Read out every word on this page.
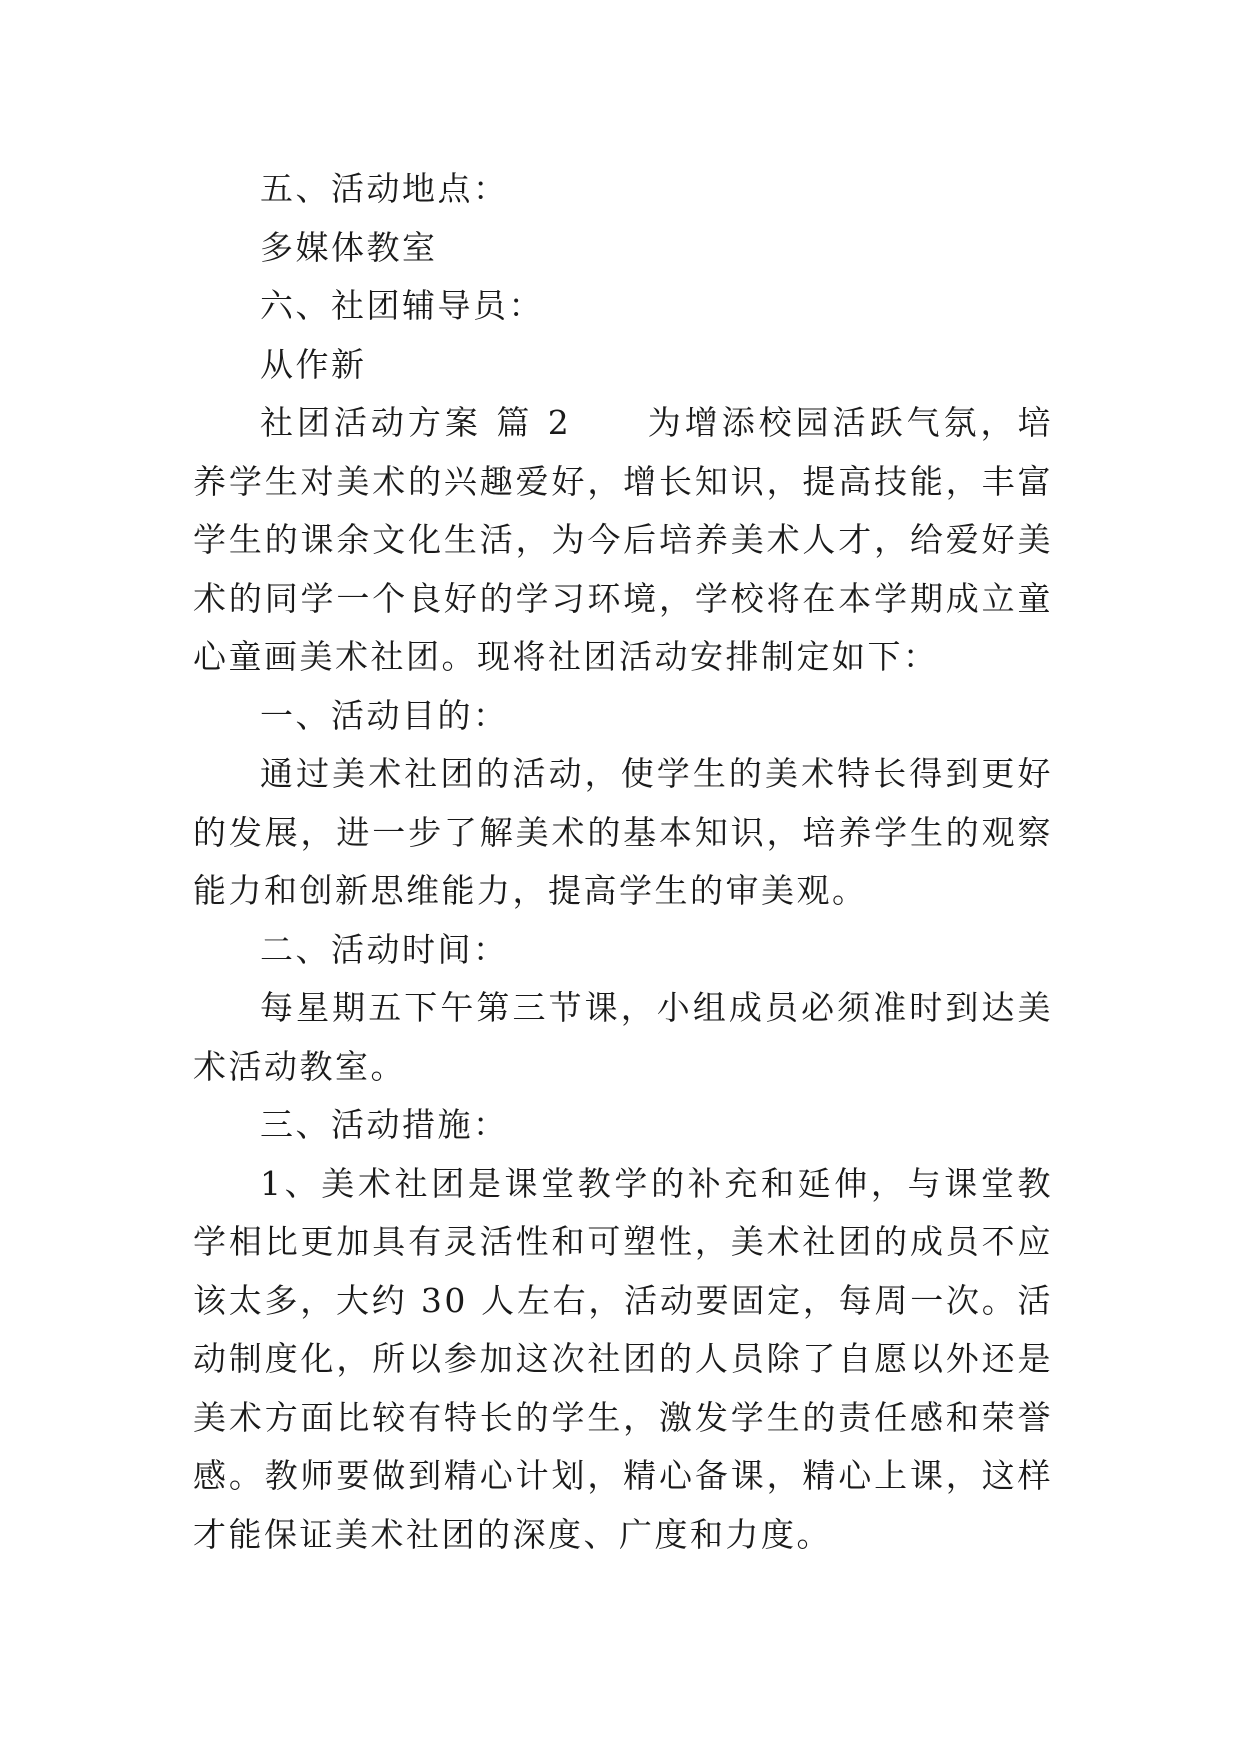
五、活动地点：

多媒体教室

六、社团辅导员：

从作新

社团活动方案 篇 2 为增添校园活跃气氛，培养学生对美术的兴趣爱好，增长知识，提高技能，丰富学生的课余文化生活，为今后培养美术人才，给爱好美术的同学一个良好的学习环境，学校将在本学期成立童心童画美术社团。现将社团活动安排制定如下：

一、活动目的：

通过美术社团的活动，使学生的美术特长得到更好的发展，进一步了解美术的基本知识，培养学生的观察能力和创新思维能力，提高学生的审美观。

二、活动时间：

每星期五下午第三节课，小组成员必须准时到达美术活动教室。

三、活动措施：

1、美术社团是课堂教学的补充和延伸，与课堂教学相比更加具有灵活性和可塑性，美术社团的成员不应该太多，大约 30 人左右，活动要固定，每周一次。活动制度化，所以参加这次社团的人员除了自愿以外还是美术方面比较有特长的学生，激发学生的责任感和荣誉感。教师要做到精心计划，精心备课，精心上课，这样才能保证美术社团的深度、广度和力度。
